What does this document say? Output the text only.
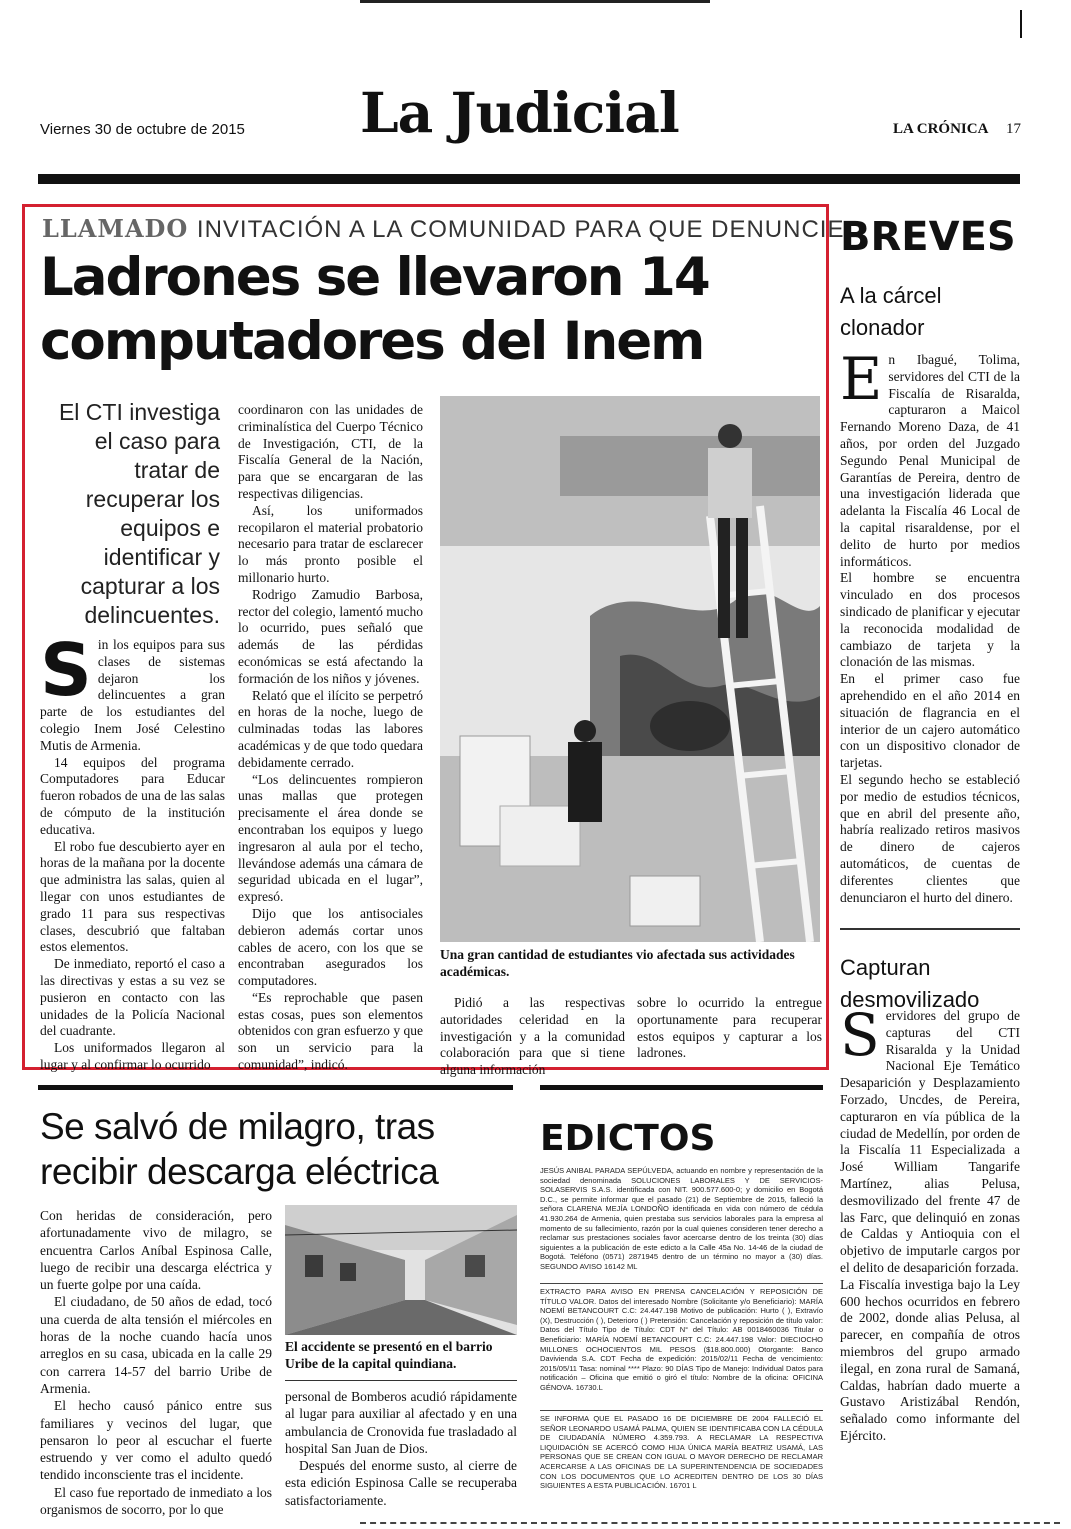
Viernes 30 de octubre de 2015 La Judicial	LA CRÓNICA 17
LLAMADO INVITACIÓN A LA COMUNIDAD PARA QUE DENUNCIE
Ladrones se llevaron 14 computadores del Inem
El CTI investiga el caso para tratar de recuperar los equipos e identificar y capturar a los delincuentes.

Sin los equipos para sus clases de sistemas dejaron los delincuentes a gran parte de los estudiantes del colegio Inem José Celestino Mutis de Armenia.

14 equipos del programa Computadores para Educar fueron robados de una de las salas de cómputo de la institución educativa.

El robo fue descubierto ayer en horas de la mañana por la docente que administra las salas, quien al llegar con unos estudiantes de grado 11 para sus respectivas clases, descubrió que faltaban estos elementos.

De inmediato, reportó el caso a las directivas y estas a su vez se pusieron en contacto con las unidades de la Policía Nacional del cuadrante.

Los uniformados llegaron al lugar y al confirmar lo ocurrido

coordinaron con las unidades de criminalística del Cuerpo Técnico de Investigación, CTI, de la Fiscalía General de la Nación, para que se encargaran de las respectivas diligencias.

Así, los uniformados recopilaron el material probatorio necesario para tratar de esclarecer lo más pronto posible el millonario hurto.

Rodrigo Zamudio Barbosa, rector del colegio, lamentó mucho lo ocurrido, pues señaló que además de las pérdidas económicas se está afectando la formación de los niños y jóvenes.

Relató que el ilícito se perpetró en horas de la noche, luego de culminadas todas las labores académicas y de que todo quedara debidamente cerrado.

“Los delincuentes rompieron unas mallas que protegen precisamente el área donde se encontraban los equipos y luego ingresaron al aula por el techo, llevándose además una cámara de seguridad ubicada en el lugar”, expresó.

Dijo que los antisociales debieron además cortar unos cables de acero, con los que se encontraban asegurados los computadores.

“Es reprochable que pasen estas cosas, pues son elementos obtenidos con gran esfuerzo y que son un servicio para la comunidad”, indicó.

Una gran cantidad de estudiantes vio afectada sus actividades académicas.

Pidió a las respectivas autoridades celeridad en la investigación y a la comunidad colaboración para que si tiene alguna información

sobre lo ocurrido la entregue oportunamente para recuperar estos equipos y capturar a los ladrones.

BREVES
A la cárcel clonador

En Ibagué, Tolima, servidores del CTI de la Fiscalía de Risaralda, capturaron a Maicol Fernando Moreno Daza, de 41 años, por orden del Juzgado Segundo Penal Municipal de Garantías de Pereira, dentro de una investigación liderada que adelanta la Fiscalía 46 Local de la capital risaraldense, por el delito de hurto por medios informáticos.

El hombre se encuentra vinculado en dos procesos sindicado de planificar y ejecutar la reconocida modalidad de cambiazo de tarjeta y la clonación de las mismas.

En el primer caso fue aprehendido en el año 2014 en situación de flagrancia en el interior de un cajero automático con un dispositivo clonador de tarjetas.

El segundo hecho se estableció por medio de estudios técnicos, que en abril del presente año, habría realizado retiros masivos de dinero de cajeros automáticos, de cuentas de diferentes clientes que denunciaron el hurto del dinero.

Capturan desmovilizado

Servidores del grupo de capturas del CTI Risaralda y la Unidad Nacional Eje Temático Desaparición y Desplazamiento Forzado, Uncdes, de Pereira, capturaron en vía pública de la ciudad de Medellín, por orden de la Fiscalía 11 Especializada a José William Tangarife Martínez, alias Pelusa, desmovilizado del frente 47 de las Farc, que delinquió en zonas de Caldas y Antioquia con el objetivo de imputarle cargos por el delito de desaparición forzada.

La Fiscalía investiga bajo la Ley 600 hechos ocurridos en febrero de 2002, donde alias Pelusa, al parecer, en compañía de otros miembros del grupo armado ilegal, en zona rural de Samaná, Caldas, habrían dado muerte a Gustavo Aristizábal Rendón, señalado como informante del Ejército.

Se salvó de milagro, tras recibir descarga eléctrica

Con heridas de consideración, pero afortunadamente vivo de milagro, se encuentra Carlos Aníbal Espinosa Calle, luego de recibir una descarga eléctrica y un fuerte golpe por una caída.

El ciudadano, de 50 años de edad, tocó una cuerda de alta tensión el miércoles en horas de la noche cuando hacía unos arreglos en su casa, ubicada en la calle 29 con carrera 14-57 del barrio Uribe de Armenia.

El hecho causó pánico entre sus familiares y vecinos del lugar, que pensaron lo peor al escuchar el fuerte estruendo y ver como el adulto quedó tendido inconsciente tras el incidente.

El caso fue reportado de inmediato a los organismos de socorro, por lo que

El accidente se presentó en el barrio Uribe de la capital quindiana.

personal de Bomberos acudió rápidamente al lugar para auxiliar al afectado y en una ambulancia de Cronovida fue trasladado al hospital San Juan de Dios.

Después del enorme susto, al cierre de esta edición Espinosa Calle se recuperaba satisfactoriamente.

EDICTOS
JESÚS ANIBAL PARADA SEPÚLVEDA, actuando en nombre y representación de la sociedad denominada SOLUCIONES LABORALES Y DE SERVICIOS-SOLASERVIS S.A.S. identificada con NIT. 900.577.600-0; y domicilio en Bogotá D.C., se permite informar que el pasado (21) de Septiembre de 2015, falleció la señora CLARENA MEJÍA LONDOÑO identificada en vida con número de cédula 41.930.264 de Armenia, quien prestaba sus servicios laborales para la empresa al momento de su fallecimiento, razón por la cual quienes consideren tener derecho a reclamar sus prestaciones sociales favor acercarse dentro de los treinta (30) días siguientes a la publicación de este edicto a la Calle 45a No. 14-46 de la ciudad de Bogotá. Teléfono (0571) 2871945 dentro de un término no mayor a (30) días. SEGUNDO AVISO 16142 ML
EXTRACTO PARA AVISO EN PRENSA CANCELACIÓN Y REPOSICIÓN DE TÍTULO VALOR. Datos del interesado Nombre (Solicitante y/o Beneficiario): MARÍA NOEMÍ BETANCOURT C.C: 24.447.198 Motivo de publicación: Hurto ( ), Extravío (X), Destrucción ( ), Deterioro ( ) Pretensión: Cancelación y reposición de título valor: Datos del Título Tipo de Título: CDT N° del Título: AB 0018460036 Titular o Beneficiario: MARÍA NOEMÍ BETANCOURT C.C: 24.447.198 Valor: DIECIOCHO MILLONES OCHOCIENTOS MIL PESOS ($18.800.000) Otorgante: Banco Davivienda S.A. CDT Fecha de expedición: 2015/02/11 Fecha de vencimiento: 2015/05/11 Tasa: nominal **** Plazo: 90 DÍAS Tipo de Manejo: Individual Datos para notificación – Oficina que emitió o giró el título: Nombre de la oficina: OFICINA GÉNOVA. 16730.L
SE INFORMA QUE EL PASADO 16 DE DICIEMBRE DE 2004 FALLECIÓ EL SEÑOR LEONARDO USAMÁ PALMA, QUIEN SE IDENTIFICABA CON LA CÉDULA DE CIUDADANÍA NÚMERO 4.359.793. A RECLAMAR LA RESPECTIVA LIQUIDACIÓN SE ACERCÓ COMO HIJA ÚNICA MARÍA BEATRIZ USAMÁ, LAS PERSONAS QUE SE CREAN CON IGUAL O MAYOR DERECHO DE RECLAMAR ACERCARSE A LAS OFICINAS DE LA SUPERINTENDENCIA DE SOCIEDADES CON LOS DOCUMENTOS QUE LO ACREDITEN DENTRO DE LOS 30 DÍAS SIGUIENTES A ESTA PUBLICACIÓN. 16701 L
